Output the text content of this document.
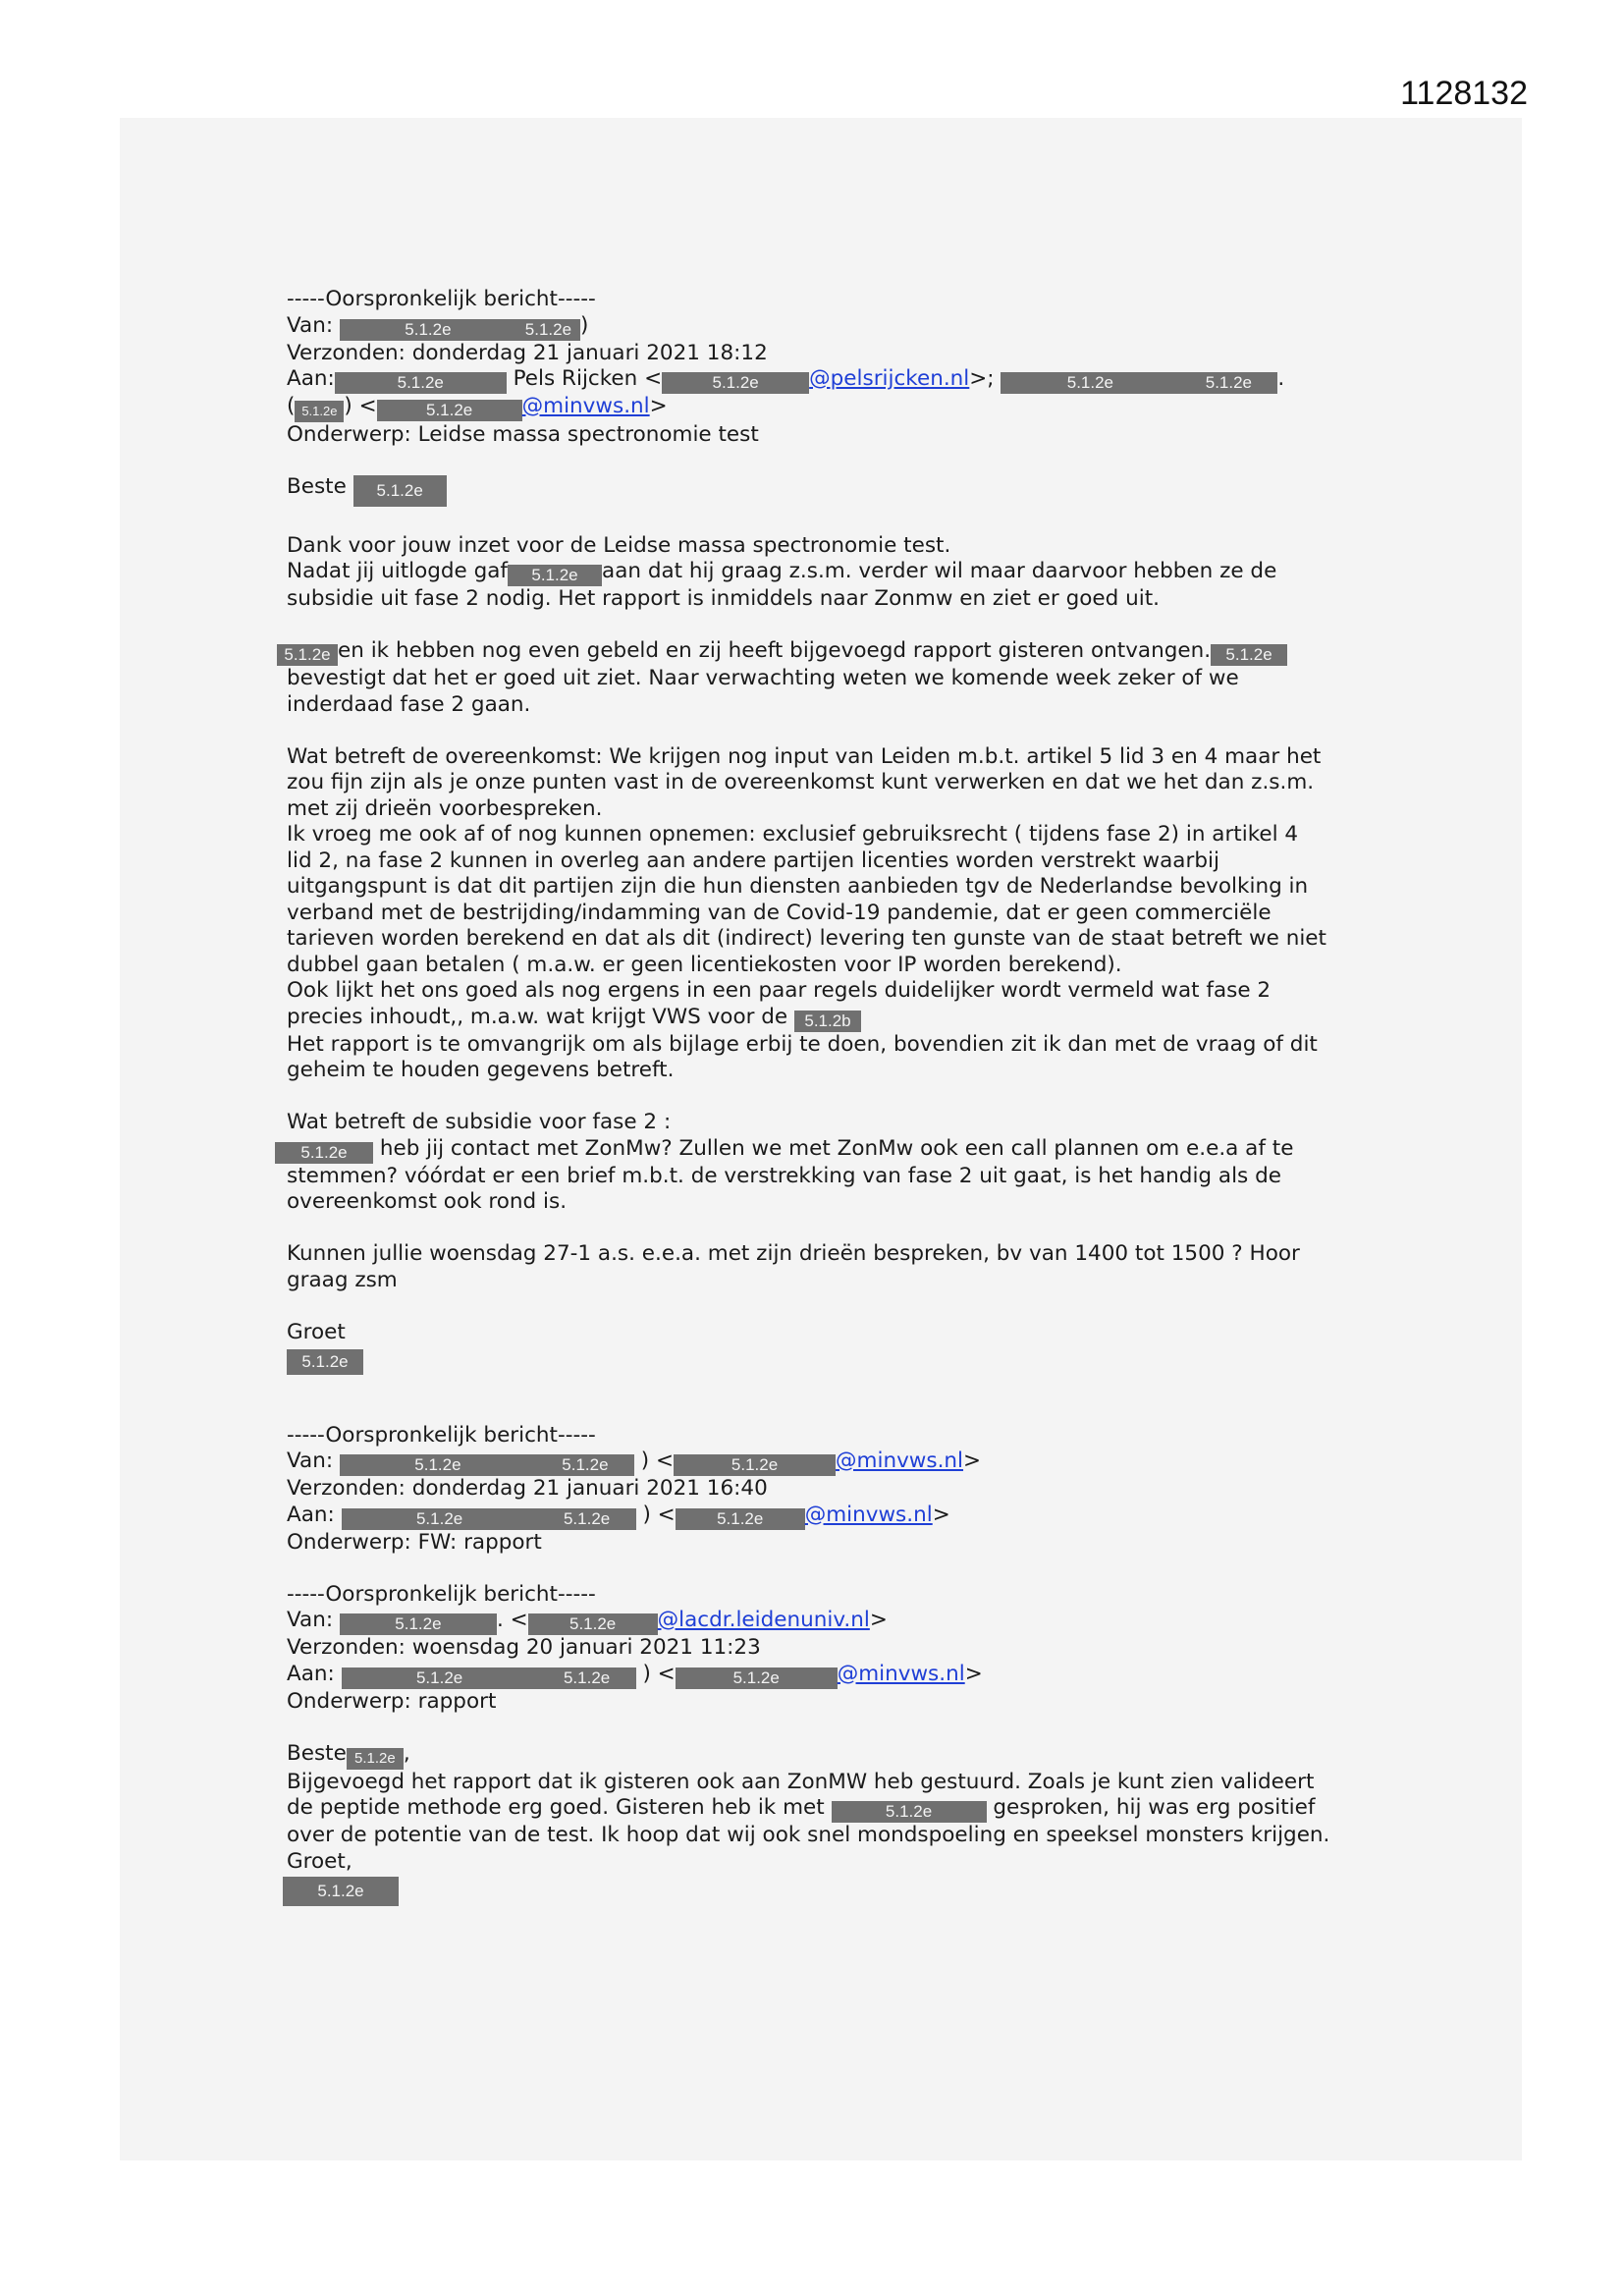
1128132
-----Oorspronkelijk bericht-----
Van:	5.1.2e	5.1.2e )
Verzonden: donderdag 21 januari 2021 18:12
Aan:	5.1.2e	Pels Rijcken <	5.1.2e @pelsrijcken.nl>;	5.1.2e	5.1.2e .
( 5.1.2e ) <	5.1.2e @minvws.nl>
Onderwerp: Leidse massa spectronomie test
Beste 5.1.2e
Dank voor jouw inzet voor de Leidse massa spectronomie test.
Nadat jij uitlogde gaf 5.1.2e aan dat hij graag z.s.m. verder wil maar daarvoor hebben ze de
subsidie uit fase 2 nodig. Het rapport is inmiddels naar Zonmw en ziet er goed uit.
5.1.2e en ik hebben nog even gebeld en zij heeft bijgevoegd rapport gisteren ontvangen. 5.1.2e
bevestigt dat het er goed uit ziet. Naar verwachting weten we komende week zeker of we
inderdaad fase 2 gaan.
Wat betreft de overeenkomst: We krijgen nog input van Leiden m.b.t. artikel 5 lid 3 en 4 maar het
zou fijn zijn als je onze punten vast in de overeenkomst kunt verwerken en dat we het dan z.s.m.
met zij drieën voorbespreken.
Ik vroeg me ook af of nog kunnen opnemen: exclusief gebruiksrecht ( tijdens fase 2) in artikel 4
lid 2, na fase 2 kunnen in overleg aan andere partijen licenties worden verstrekt waarbij
uitgangspunt is dat dit partijen zijn die hun diensten aanbieden tgv de Nederlandse bevolking in
verband met de bestrijding/indamming van de Covid-19 pandemie, dat er geen commerciële
tarieven worden berekend en dat als dit (indirect) levering ten gunste van de staat betreft we niet
dubbel gaan betalen ( m.a.w. er geen licentiekosten voor IP worden berekend).
Ook lijkt het ons goed als nog ergens in een paar regels duidelijker wordt vermeld wat fase 2
precies inhoudt,, m.a.w. wat krijgt VWS voor de 5.1.2b
Het rapport is te omvangrijk om als bijlage erbij te doen, bovendien zit ik dan met de vraag of dit
geheim te houden gegevens betreft.
Wat betreft de subsidie voor fase 2 :
5.1.2e heb jij contact met ZonMw? Zullen we met ZonMw ook een call plannen om e.e.a af te
stemmen? vóórdat er een brief m.b.t. de verstrekking van fase 2 uit gaat, is het handig als de
overeenkomst ook rond is.
Kunnen jullie woensdag 27-1 a.s. e.e.a. met zijn drieën bespreken, bv van 1400 tot 1500 ? Hoor
graag zsm
Groet
5.1.2e
-----Oorspronkelijk bericht-----
Van:	5.1.2e	5.1.2e ) <	5.1.2e	@minvws.nl>
Verzonden: donderdag 21 januari 2021 16:40
Aan:	5.1.2e	5.1.2e ) < 5.1.2e @minvws.nl>
Onderwerp: FW: rapport
-----Oorspronkelijk bericht-----
Van:	5.1.2e	. < 5.1.2e @lacdr.leidenuniv.nl>
Verzonden: woensdag 20 januari 2021 11:23
Aan:	5.1.2e	5.1.2e ) <	5.1.2e	@minvws.nl>
Onderwerp: rapport
Beste 5.1.2e ,
Bijgevoegd het rapport dat ik gisteren ook aan ZonMW heb gestuurd. Zoals je kunt zien valideert
de peptide methode erg goed. Gisteren heb ik met	5.1.2e	gesproken, hij was erg positief
over de potentie van de test. Ik hoop dat wij ook snel mondspoeling en speeksel monsters krijgen.
Groet,
5.1.2e
